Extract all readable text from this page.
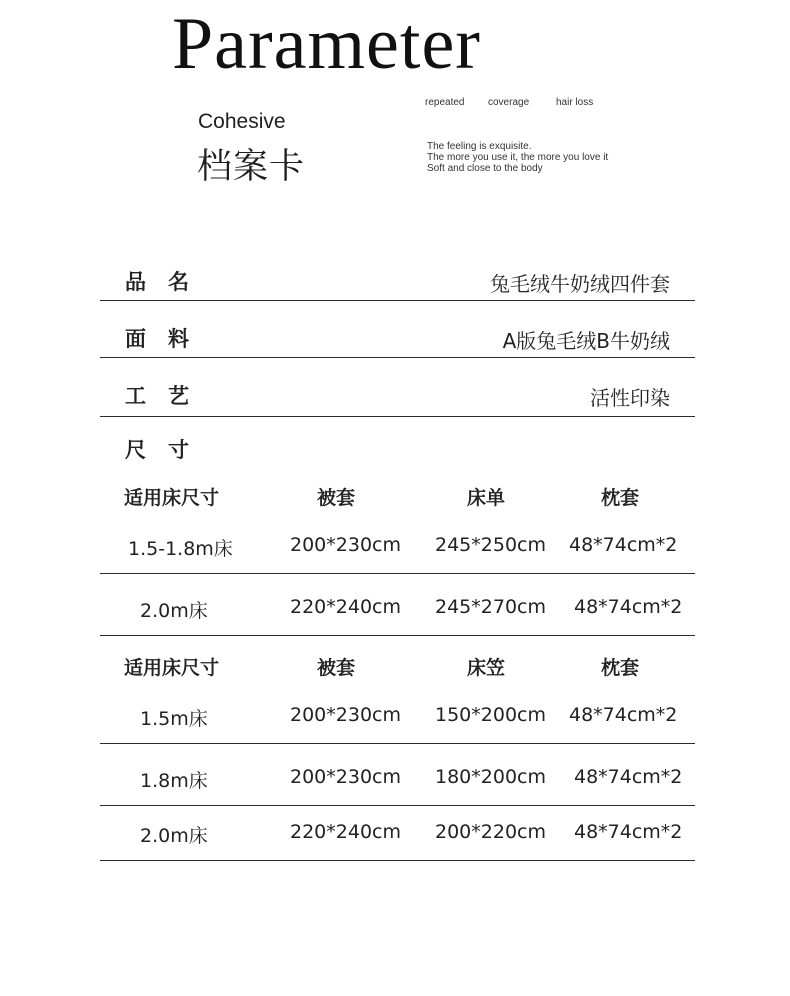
Parameter
Cohesive
档案卡
repeated coverage	hair loss
The feeling is exquisite.
The more you use it, the more you love it
Soft and close to the body
品名	兔毛绒牛奶绒四件套
面料	A版兔毛绒B牛奶绒
工艺	活性印染
尺寸
适用床尺寸	被套	床单	枕套
1.5-1.8m床	200*230cm 245*250cm 48*74cm*2
2.0m床	220*240cm 245*270cm 48*74cm*2
适用床尺寸	被套	床笠	枕套
1.5m床	200*230cm 150*200cm 48*74cm*2
1.8m床	200*230cm 180*200cm 48*74cm*2
2.0m床	220*240cm 200*220cm 48*74cm*2
